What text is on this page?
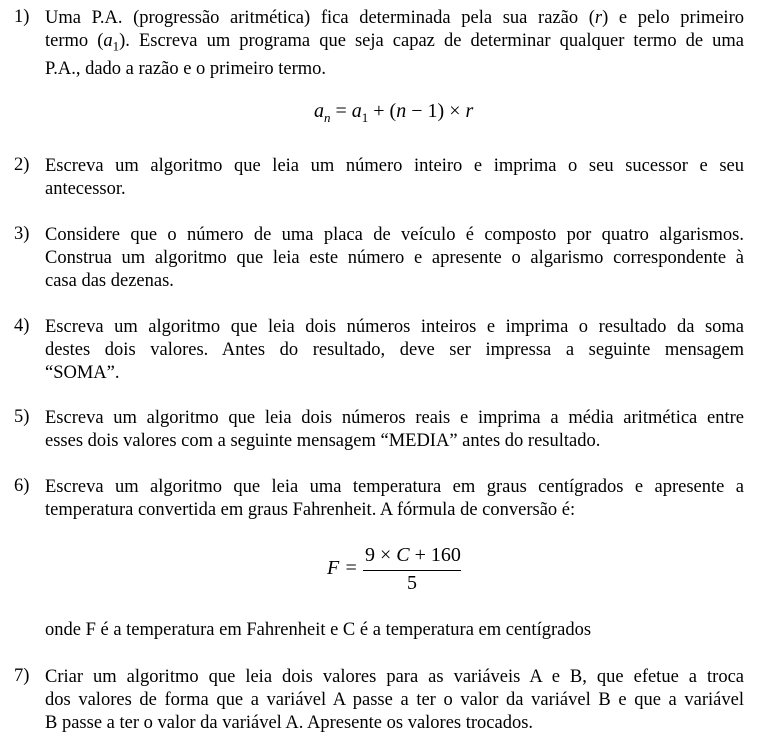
1) Uma P.A. (progressão aritmética) fica determinada pela sua razão (r) e pelo primeiro
termo $(a_1)$. Escreva um programa que seja capaz de determinar qualquer termo de uma
P.A., dado a razão e o primeiro termo.
$a_n = a_1 + (n - 1) \times r$
2) Escreva um algoritmo que leia um número inteiro e imprima o seu sucessor e seu
antecessor.
3) Considere que o número de uma placa de veículo é composto por quatro algarismos.
Construa um algoritmo que leia este número e apresente o algarismo correspondente à
casa das dezenas.
4) Escreva um algoritmo que leia dois números inteiros e imprima o resultado da soma
destes dois valores. Antes do resultado, deve ser impressa a seguinte mensagem
“SOMA”.
5) Escreva um algoritmo que leia dois números reais e imprima a média aritmética entre
esses dois valores com a seguinte mensagem “MEDIA” antes do resultado.
6) Escreva um algoritmo que leia uma temperatura em graus centígrados e apresente a
temperatura convertida em graus Fahrenheit. A fórmula de conversão é:
F =
9 × C + 160
5
onde F é a temperatura em Fahrenheit e C é a temperatura em centígrados
7) Criar um algoritmo que leia dois valores para as variáveis A e B, que efetue a troca
dos valores de forma que a variável A passe a ter o valor da variável B e que a variável
B passe a ter o valor da variável A. Apresente os valores trocados.
